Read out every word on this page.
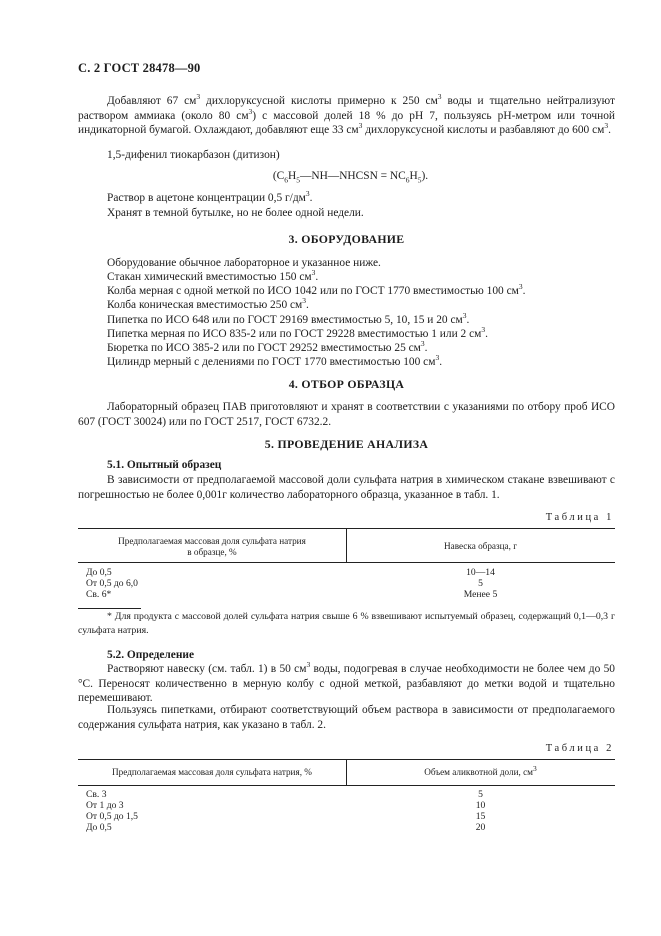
С. 2 ГОСТ 28478—90
Добавляют 67 $см^3$ дихлоруксусной кислоты примерно к 250 $см^3$ воды и тщательно нейтрализуют раствором аммиака (около 80 $см^3$) с массовой долей 18 % до pH 7, пользуясь pH-метром или точной индикаторной бумагой. Охлаждают, добавляют еще 33 $см^3$ дихлоруксусной кислоты и разбавляют до 600 $см^3$.
1,5-дифенил тиокарбазон (дитизон)
$(C_6H_5—NH—NHCSN = NC_6H_5)$.
Раствор в ацетоне концентрации 0,5 $г/дм^3$.
Хранят в темной бутылке, но не более одной недели.
3. ОБОРУДОВАНИЕ
Оборудование обычное лабораторное и указанное ниже.
Стакан химический вместимостью 150 $см^3$.
Колба мерная с одной меткой по ИСО 1042 или по ГОСТ 1770 вместимостью 100 $см^3$.
Колба коническая вместимостью 250 $см^3$.
Пипетка по ИСО 648 или по ГОСТ 29169 вместимостью 5, 10, 15 и 20 $см^3$.
Пипетка мерная по ИСО 835-2 или по ГОСТ 29228 вместимостью 1 или 2 $см^3$.
Бюретка по ИСО 385-2 или по ГОСТ 29252 вместимостью 25 $см^3$.
Цилиндр мерный с делениями по ГОСТ 1770 вместимостью 100 $см^3$.
4. ОТБОР ОБРАЗЦА
Лабораторный образец ПАВ приготовляют и хранят в соответствии с указаниями по отбору проб ИСО 607 (ГОСТ 30024) или по ГОСТ 2517, ГОСТ 6732.2.
5. ПРОВЕДЕНИЕ АНАЛИЗА
5.1. Опытный образец
В зависимости от предполагаемой массовой доли сульфата натрия в химическом стакане взвешивают с погрешностью не более 0,001г количество лабораторного образца, указанное в табл. 1.
Таблица 1
Предполагаемая массовая доля сульфата натрия
в образце, %
Навеска образца, г
До 0,5	10—14
От 0,5 до 6,0	5
Св. 6*	Менее 5
* Для продукта с массовой долей сульфата натрия свыше 6 % взвешивают испытуемый образец, содержащий 0,1—0,3 г сульфата натрия.
5.2. Определение
Растворяют навеску (см. табл. 1) в 50 $см^3$ воды, подогревая в случае необходимости не более чем до 50 °С. Переносят количественно в мерную колбу с одной меткой, разбавляют до метки водой и тщательно перемешивают.
Пользуясь пипетками, отбирают соответствующий объем раствора в зависимости от предполагаемого содержания сульфата натрия, как указано в табл. 2.
Таблица 2
Предполагаемая массовая доля сульфата натрия, %	Объем аликвотной доли, $см^3$
Св. 3	5
От 1 до 3	10
От 0,5 до 1,5	15
До 0,5	20
